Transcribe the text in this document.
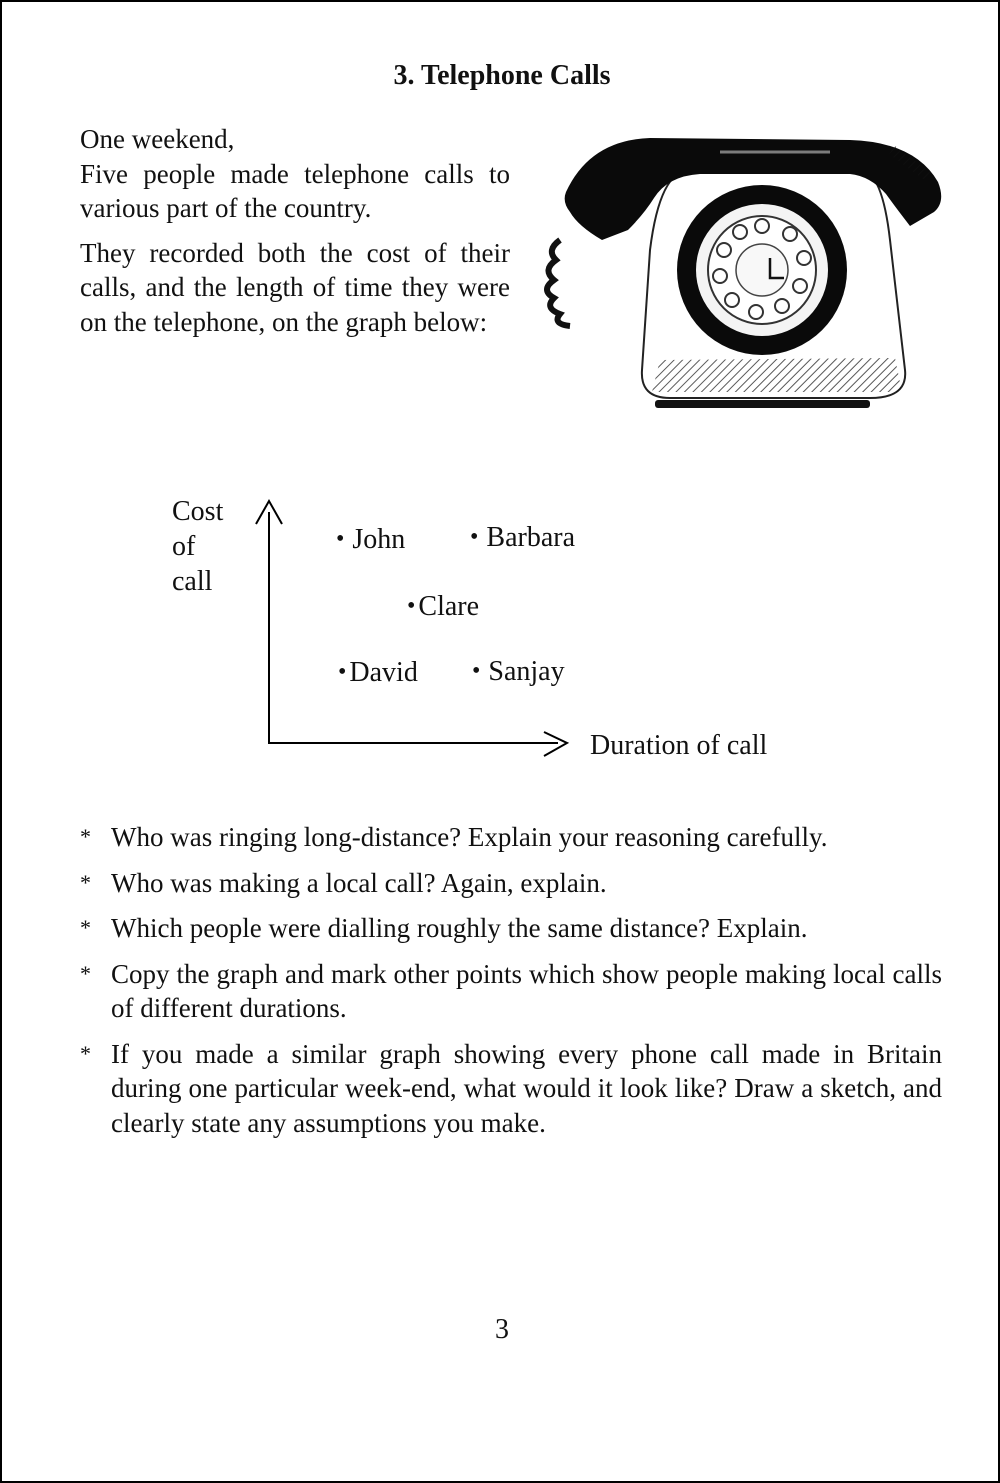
3. Telephone Calls

One weekend,
Five people made telephone calls to various part of the country.

They recorded both the cost of their calls, and the length of time they were on the telephone, on the graph below:

Cost
of
call
Duration of call
• John	• Barbara
• Clare
• David • Sanjay
* Who was ringing long-distance? Explain your reasoning carefully.
* Who was making a local call? Again, explain.
* Which people were dialling roughly the same distance? Explain.
* Copy the graph and mark other points which show people making local calls of different durations.
* If you made a similar graph showing every phone call made in Britain during one particular week-end, what would it look like? Draw a sketch, and clearly state any assumptions you make.
3
